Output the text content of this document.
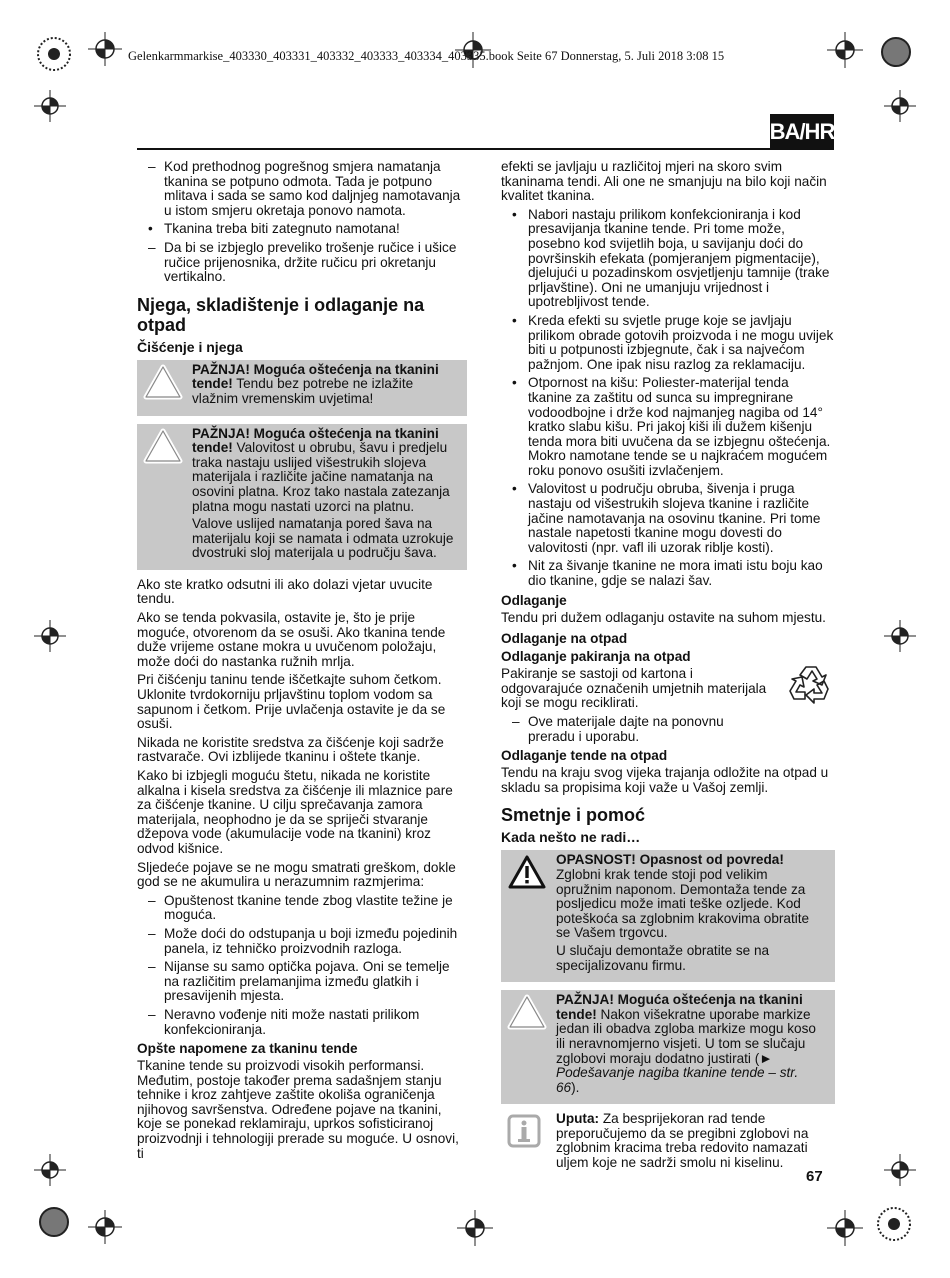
Gelenkarmmarkise_403330_403331_403332_403333_403334_403335.book Seite 67 Donnerstag, 5. Juli 2018 3:08 15
BA/HR
– Kod prethodnog pogrešnog smjera namatanja tkanina se potpuno odmota. Tada je potpuno mlitava i sada se samo kod daljnjeg namotavanja u istom smjeru okretaja ponovo namota.
• Tkanina treba biti zategnuto namotana!
– Da bi se izbjeglo preveliko trošenje ručice i ušice ručice prijenosnika, držite ručicu pri okretanju vertikalno.
Njega, skladištenje i odlaganje na otpad
Čišćenje i njega

PAŽNJA! Moguća oštećenja na tkanini tende! Tendu bez potrebe ne izlažite vlažnim vremenskim uvjetima!

PAŽNJA! Moguća oštećenja na tkanini tende! Valovitost u obrubu, šavu i predjelu traka nastaju uslijed višestrukih slojeva materijala i različite jačine namatanja na osovini platna. Kroz tako nastala zatezanja platna mogu nastati uzorci na platnu.

Valove uslijed namatanja pored šava na materijalu koji se namata i odmata uzrokuje dvostruki sloj materijala u području šava.

Ako ste kratko odsutni ili ako dolazi vjetar uvucite tendu.

Ako se tenda pokvasila, ostavite je, što je prije moguće, otvorenom da se osuši. Ako tkanina tende duže vrijeme ostane mokra u uvučenom položaju, može doći do nastanka ružnih mrlja.

Pri čišćenju taninu tende iščetkajte suhom četkom. Uklonite tvrdokorniju prljavštinu toplom vodom sa sapunom i četkom. Prije uvlačenja ostavite je da se osuši.

Nikada ne koristite sredstva za čišćenje koji sadrže rastvarače. Ovi izblijede tkaninu i oštete tkanje.

Kako bi izbjegli moguću štetu, nikada ne koristite alkalna i kisela sredstva za čišćenje ili mlaznice pare za čišćenje tkanine. U cilju sprečavanja zamora materijala, neophodno je da se spriječi stvaranje džepova vode (akumulacije vode na tkanini) kroz odvod kišnice.

Sljedeće pojave se ne mogu smatrati greškom, dokle god se ne akumulira u nerazumnim razmjerima:

– Opuštenost tkanine tende zbog vlastite težine je moguća.
– Može doći do odstupanja u boji između pojedinih panela, iz tehničko proizvodnih razloga.
– Nijanse su samo optička pojava. Oni se temelje na različitim prelamanjima između glatkih i presavijenih mjesta.
– Neravno vođenje niti može nastati prilikom konfekcioniranja.
Opšte napomene za tkaninu tende

Tkanine tende su proizvodi visokih performansi. Međutim, postoje također prema sadašnjem stanju tehnike i kroz zahtjeve zaštite okoliša ograničenja njihovog savršenstva. Određene pojave na tkanini, koje se ponekad reklamiraju, uprkos sofisticiranoj proizvodnji i tehnologiji prerade su moguće. U osnovi, ti

efekti se javljaju u različitoj mjeri na skoro svim tkaninama tendi. Ali one ne smanjuju na bilo koji način kvalitet tkanina.

• Nabori nastaju prilikom konfekcioniranja i kod presavijanja tkanine tende. Pri tome može, posebno kod svijetlih boja, u savijanju doći do površinskih efekata (pomjeranjem pigmentacije), djelujući u pozadinskom osvjetljenju tamnije (trake prljavštine). Oni ne umanjuju vrijednost i upotrebljivost tende.
• Kreda efekti su svjetle pruge koje se javljaju prilikom obrade gotovih proizvoda i ne mogu uvijek biti u potpunosti izbjegnute, čak i sa najvećom pažnjom. One ipak nisu razlog za reklamaciju.
• Otpornost na kišu: Poliester-materijal tenda tkanine za zaštitu od sunca su impregnirane vodoodbojne i drže kod najmanjeg nagiba od 14° kratko slabu kišu. Pri jakoj kiši ili dužem kišenju tenda mora biti uvučena da se izbjegnu oštećenja. Mokro namotane tende se u najkraćem mogućem roku ponovo osušiti izvlačenjem.
• Valovitost u području obruba, šivenja i pruga nastaju od višestrukih slojeva tkanine i različite jačine namotavanja na osovinu tkanine. Pri tome nastale napetosti tkanine mogu dovesti do valovitosti (npr. vafl ili uzorak riblje kosti).
• Nit za šivanje tkanine ne mora imati istu boju kao dio tkanine, gdje se nalazi šav.
Odlaganje

Tendu pri dužem odlaganju ostavite na suhom mjestu.

Odlaganje na otpad
Odlaganje pakiranja na otpad

Pakiranje se sastoji od kartona i odgovarajuće označenih umjetnih materijala koji se mogu reciklirati.

– Ove materijale dajte na ponovnu preradu i uporabu.
Odlaganje tende na otpad

Tendu na kraju svog vijeka trajanja odložite na otpad u skladu sa propisima koji važe u Vašoj zemlji.

Smetnje i pomoć
Kada nešto ne radi…

OPASNOST! Opasnost od povreda! Zglobni krak tende stoji pod velikim opružnim naponom. Demontaža tende za posljedicu može imati teške ozljede. Kod poteškoća sa zglobnim krakovima obratite se Vašem trgovcu.

U slučaju demontaže obratite se na specijalizovanu firmu.

PAŽNJA! Moguća oštećenja na tkanini tende! Nakon višekratne uporabe markize jedan ili obadva zgloba markize mogu koso ili neravnomjerno visjeti. U tom se slučaju zglobovi moraju dodatno justirati (► Podešavanje nagiba tkanine tende – str. 66).

Uputa: Za besprijekoran rad tende preporučujemo da se pregibni zglobovi na zglobnim kracima treba redovito namazati uljem koje ne sadrži smolu ni kiselinu.

67
